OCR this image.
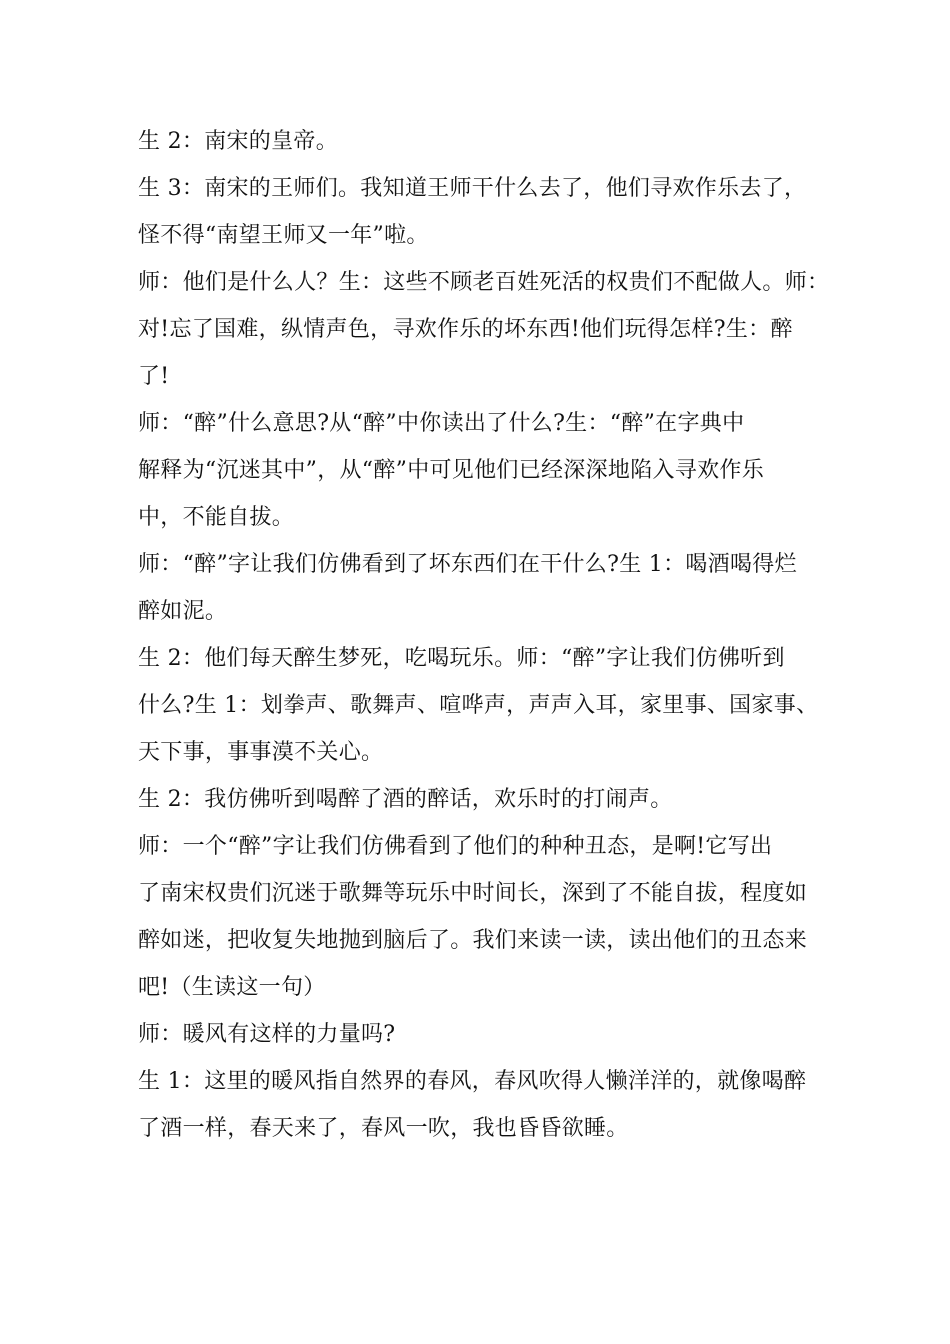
生 2：南宋的皇帝。
生 3：南宋的王师们。我知道王师干什么去了，他们寻欢作乐去了，
怪不得“南望王师又一年”啦。
师：他们是什么人？生：这些不顾老百姓死活的权贵们不配做人。师：
对!忘了国难，纵情声色，寻欢作乐的坏东西!他们玩得怎样?生：醉
了!
师：“醉”什么意思?从“醉”中你读出了什么?生：“醉”在字典中
解释为“沉迷其中”，从“醉”中可见他们已经深深地陷入寻欢作乐
中，不能自拔。
师：“醉”字让我们仿佛看到了坏东西们在干什么?生 1：喝酒喝得烂
醉如泥。
生 2：他们每天醉生梦死，吃喝玩乐。师：“醉”字让我们仿佛听到
什么?生 1：划拳声、歌舞声、喧哗声，声声入耳，家里事、国家事、
天下事，事事漠不关心。
生 2：我仿佛听到喝醉了酒的醉话，欢乐时的打闹声。
师：一个“醉”字让我们仿佛看到了他们的种种丑态，是啊!它写出
了南宋权贵们沉迷于歌舞等玩乐中时间长，深到了不能自拔，程度如
醉如迷，把收复失地抛到脑后了。我们来读一读，读出他们的丑态来
吧!（生读这一句）
师：暖风有这样的力量吗?
生 1：这里的暖风指自然界的春风，春风吹得人懒洋洋的，就像喝醉
了酒一样，春天来了，春风一吹，我也昏昏欲睡。
